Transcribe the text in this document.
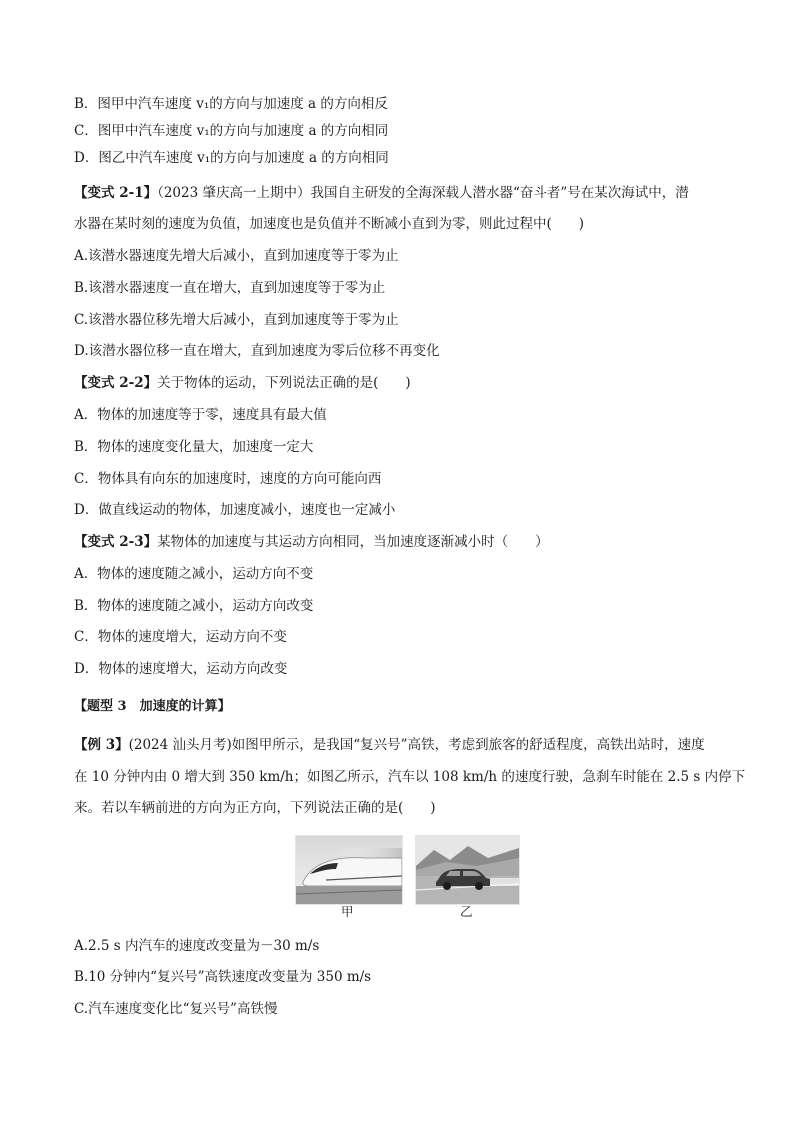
B．图甲中汽车速度 v₁的方向与加速度 a 的方向相反
C．图甲中汽车速度 v₁的方向与加速度 a 的方向相同
D．图乙中汽车速度 v₁的方向与加速度 a 的方向相同
【变式 2-1】（2023 肇庆高一上期中）我国自主研发的全海深载人潜水器“奋斗者”号在某次海试中，潜
水器在某时刻的速度为负值，加速度也是负值并不断减小直到为零，则此过程中(　　)
A.该潜水器速度先增大后减小，直到加速度等于零为止
B.该潜水器速度一直在增大，直到加速度等于零为止
C.该潜水器位移先增大后减小，直到加速度等于零为止
D.该潜水器位移一直在增大，直到加速度为零后位移不再变化
【变式 2-2】关于物体的运动，下列说法正确的是(　　)
A．物体的加速度等于零，速度具有最大值
B．物体的速度变化量大，加速度一定大
C．物体具有向东的加速度时，速度的方向可能向西
D．做直线运动的物体，加速度减小，速度也一定减小
【变式 2-3】某物体的加速度与其运动方向相同，当加速度逐渐减小时（　　）
A．物体的速度随之减小，运动方向不变
B．物体的速度随之减小，运动方向改变
C．物体的速度增大，运动方向不变
D．物体的速度增大，运动方向改变
【题型 3　加速度的计算】
【例 3】(2024 汕头月考)如图甲所示，是我国“复兴号”高铁，考虑到旅客的舒适程度，高铁出站时，速度
在 10 分钟内由 0 增大到 350 km/h；如图乙所示，汽车以 108 km/h 的速度行驶，急刹车时能在 2.5 s 内停下
来。若以车辆前进的方向为正方向，下列说法正确的是(　　)
甲	乙
A.2.5 s 内汽车的速度改变量为－30 m/s
B.10 分钟内“复兴号”高铁速度改变量为 350 m/s
C.汽车速度变化比“复兴号”高铁慢
